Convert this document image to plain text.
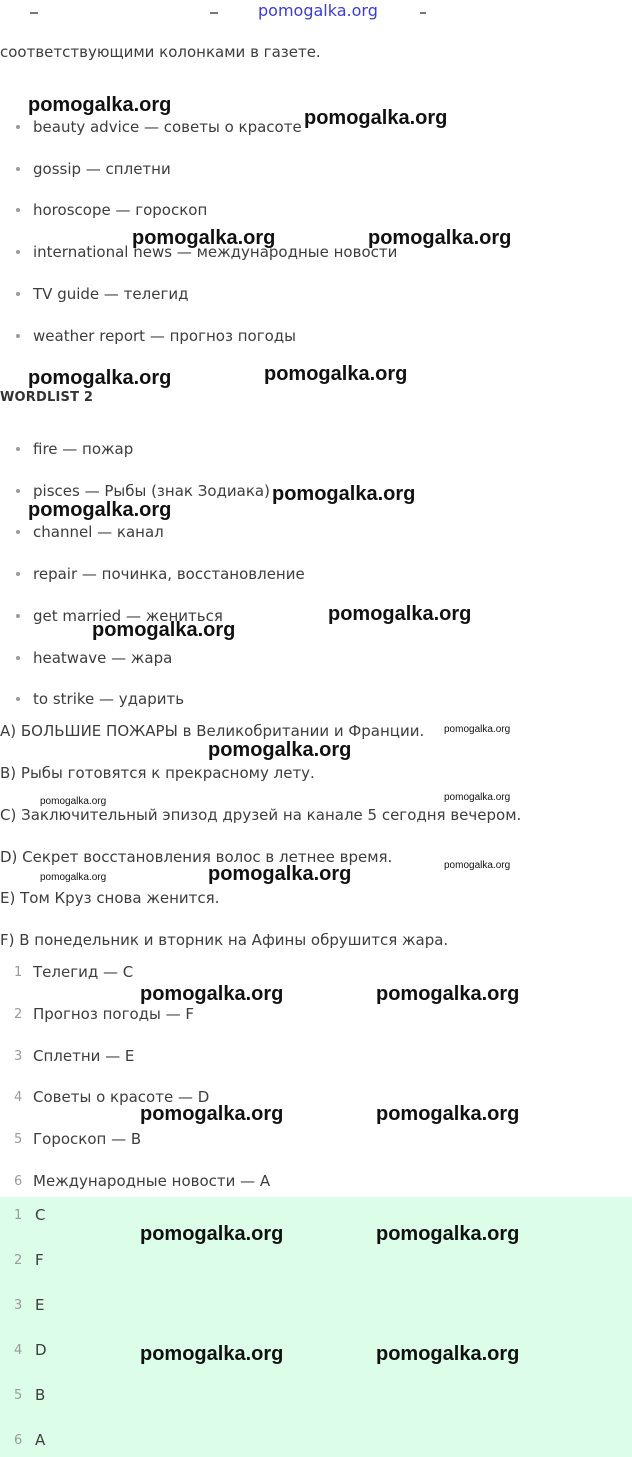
соответствующими колонками в газете.
beauty advice — советы о красоте
gossip — сплетни
horoscope — гороскоп
international news — международные новости
TV guide — телегид
weather report — прогноз погоды
WORDLIST 2
fire — пожар
pisces — Рыбы (знак Зодиака)
channel — канал
repair — починка, восстановление
get married — жениться
heatwave — жара
to strike — ударить
A) БОЛЬШИЕ ПОЖАРЫ в Великобритании и Франции.
B) Рыбы готовятся к прекрасному лету.
C) Заключительный эпизод друзей на канале 5 сегодня вечером.
D) Секрет восстановления волос в летнее время.
E) Том Круз снова женится.
F) В понедельник и вторник на Афины обрушится жара.
1 Телегид — C
2 Прогноз погоды — F
3 Сплетни — E
4 Советы о красоте — D
5 Гороскоп — B
6 Международные новости — A
1 C
2 F
3 E
4 D
5 B
6 A
pomogalka.org
pomogalka.org
pomogalka.org
pomogalka.org	pomogalka.org
pomogalka.org	pomogalka.org
pomogalka.org
pomogalka.org
pomogalka.org
pomogalka.org
pomogalka.org
pomogalka.org
pomogalka.org	pomogalka.org
pomogalka.org
pomogalka.org	pomogalka.org
pomogalka.org	pomogalka.org
pomogalka.org	pomogalka.org
pomogalka.org	pomogalka.org
pomogalka.org	pomogalka.org
